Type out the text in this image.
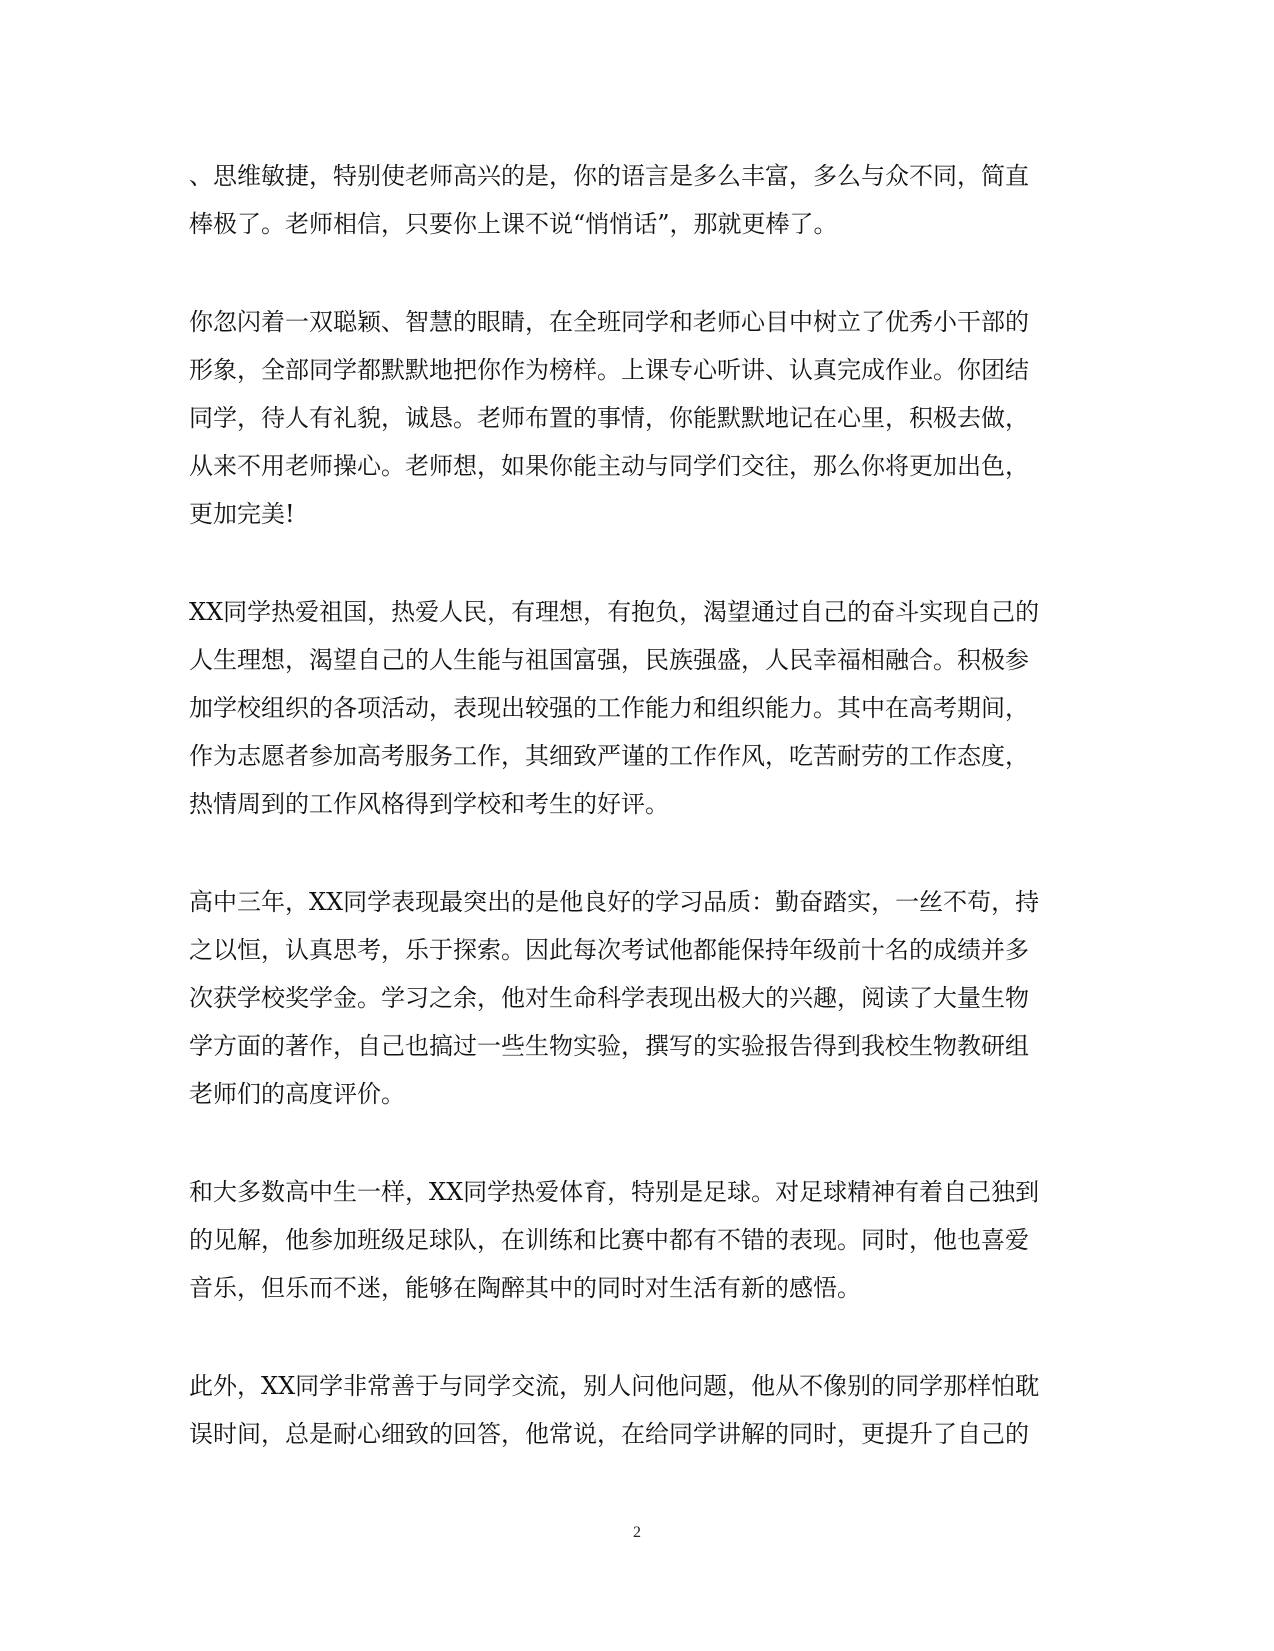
、思维敏捷，特别使老师高兴的是，你的语言是多么丰富，多么与众不同，简直
棒极了。老师相信，只要你上课不说“悄悄话”，那就更棒了。

你忽闪着一双聪颖、智慧的眼睛，在全班同学和老师心目中树立了优秀小干部的
形象，全部同学都默默地把你作为榜样。上课专心听讲、认真完成作业。你团结
同学，待人有礼貌，诚恳。老师布置的事情，你能默默地记在心里，积极去做，
从来不用老师操心。老师想，如果你能主动与同学们交往，那么你将更加出色，
更加完美!

XX同学热爱祖国，热爱人民，有理想，有抱负，渴望通过自己的奋斗实现自己的
人生理想，渴望自己的人生能与祖国富强，民族强盛，人民幸福相融合。积极参
加学校组织的各项活动，表现出较强的工作能力和组织能力。其中在高考期间，
作为志愿者参加高考服务工作，其细致严谨的工作作风，吃苦耐劳的工作态度，
热情周到的工作风格得到学校和考生的好评。

高中三年，XX同学表现最突出的是他良好的学习品质：勤奋踏实，一丝不苟，持
之以恒，认真思考，乐于探索。因此每次考试他都能保持年级前十名的成绩并多
次获学校奖学金。学习之余，他对生命科学表现出极大的兴趣，阅读了大量生物
学方面的著作，自己也搞过一些生物实验，撰写的实验报告得到我校生物教研组
老师们的高度评价。

和大多数高中生一样，XX同学热爱体育，特别是足球。对足球精神有着自己独到
的见解，他参加班级足球队，在训练和比赛中都有不错的表现。同时，他也喜爱
音乐，但乐而不迷，能够在陶醉其中的同时对生活有新的感悟。

此外，XX同学非常善于与同学交流，别人问他问题，他从不像别的同学那样怕耽
误时间，总是耐心细致的回答，他常说，在给同学讲解的同时，更提升了自己的

2
